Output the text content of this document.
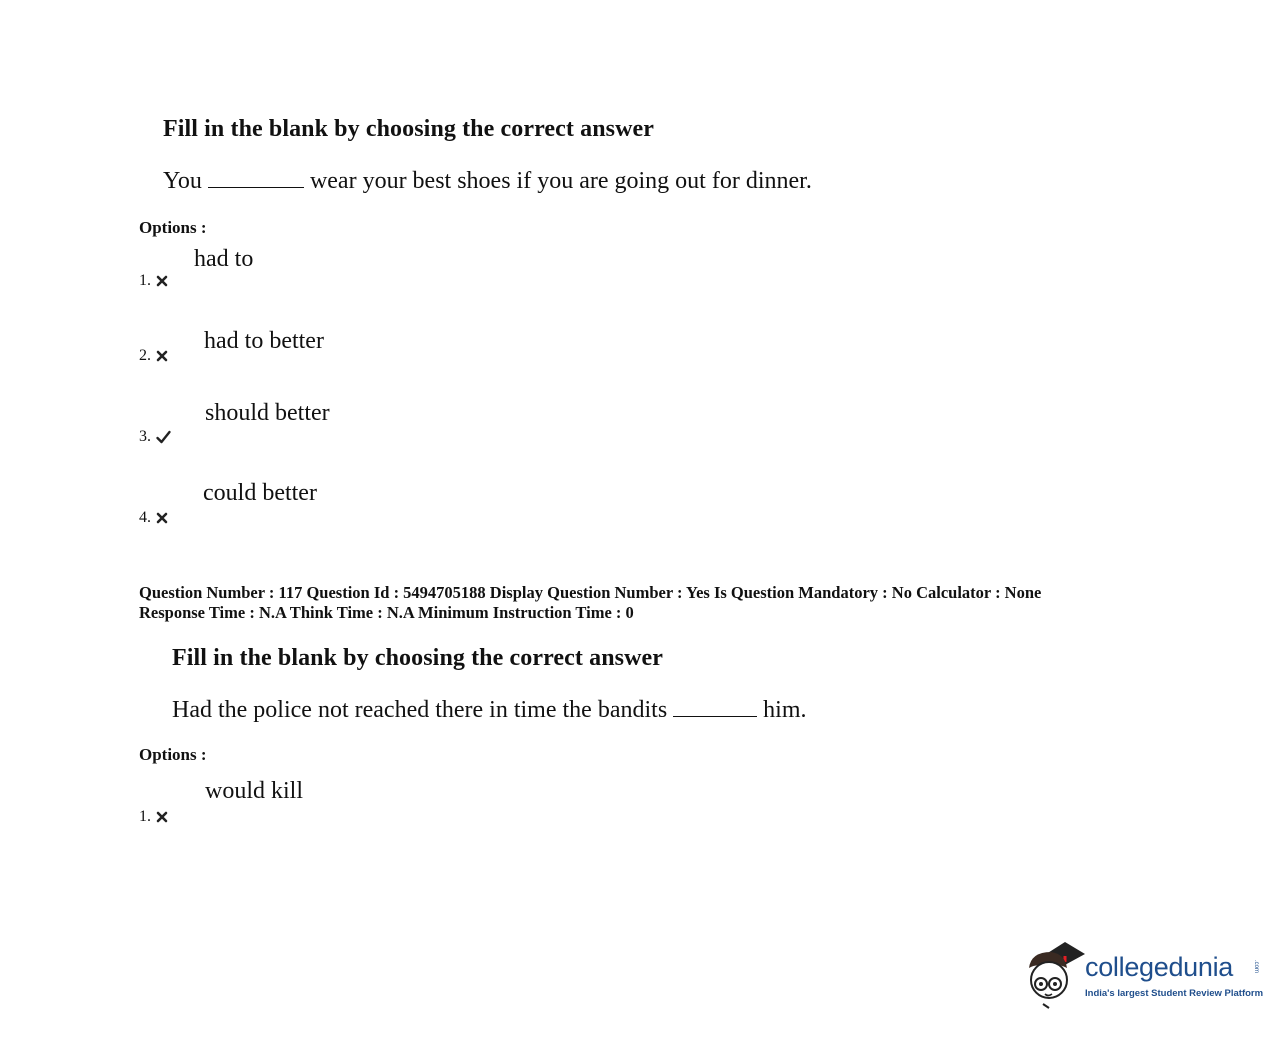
Fill in the blank by choosing the correct answer
You	wear your best shoes if you are going out for dinner.
Options :
had to
1.
had to better
2.
should better
3.
could better
4.
Question Number : 117 Question Id : 5494705188 Display Question Number : Yes Is Question Mandatory : No Calculator : None
Response Time : N.A Think Time : N.A Minimum Instruction Time : 0
Fill in the blank by choosing the correct answer
Had the police not reached there in time the bandits	him.
Options :
would kill
1.
collegedunia	.com
India's largest Student Review Platform
